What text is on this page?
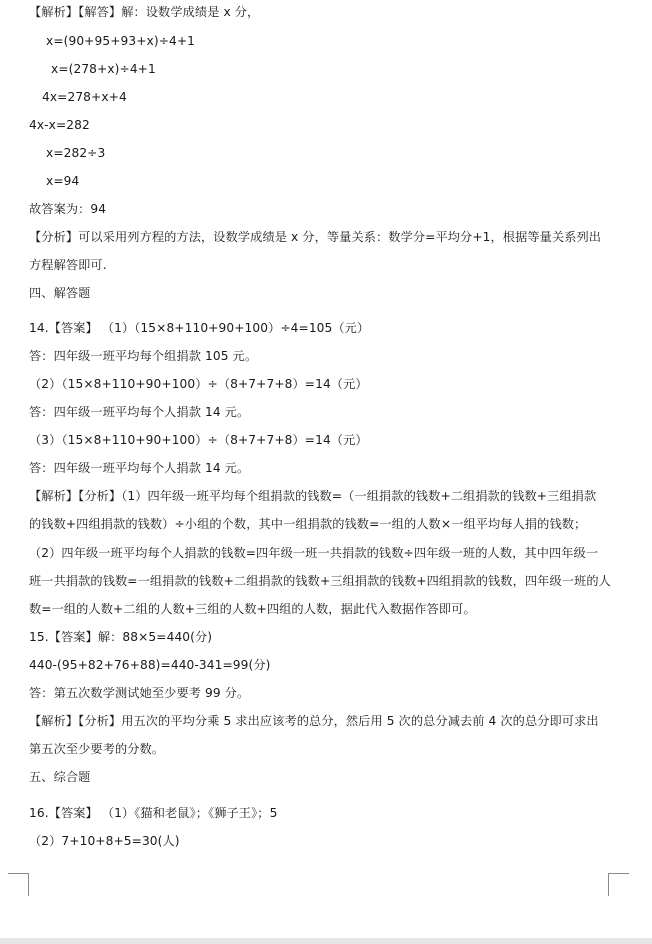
【解析】【解答】解：设数学成绩是 x 分，
x=(90+95+93+x)÷4+1
x=(278+x)÷4+1
4x=278+x+4
4x-x=282
x=282÷3
x=94
故答案为：94
【分析】可以采用列方程的方法，设数学成绩是 x 分，等量关系：数学分=平均分+1，根据等量关系列出
方程解答即可.
四、解答题
14.【答案】 （1）（15×8+110+90+100）÷4=105（元）
答：四年级一班平均每个组捐款 105 元。
（2）（15×8+110+90+100）÷（8+7+7+8）=14（元）
答：四年级一班平均每个人捐款 14 元。
（3）（15×8+110+90+100）÷（8+7+7+8）=14（元）
答：四年级一班平均每个人捐款 14 元。
【解析】【分析】（1）四年级一班平均每个组捐款的钱数=（一组捐款的钱数+二组捐款的钱数+三组捐款
的钱数+四组捐款的钱数）÷小组的个数，其中一组捐款的钱数=一组的人数×一组平均每人捐的钱数；
（2）四年级一班平均每个人捐款的钱数=四年级一班一共捐款的钱数÷四年级一班的人数，其中四年级一
班一共捐款的钱数=一组捐款的钱数+二组捐款的钱数+三组捐款的钱数+四组捐款的钱数，四年级一班的人
数=一组的人数+二组的人数+三组的人数+四组的人数，据此代入数据作答即可。
15.【答案】解：88×5=440(分)
440-(95+82+76+88)=440-341=99(分)
答：第五次数学测试她至少要考 99 分。
【解析】【分析】用五次的平均分乘 5 求出应该考的总分，然后用 5 次的总分减去前 4 次的总分即可求出
第五次至少要考的分数。
五、综合题
16.【答案】 （1）《猫和老鼠》；《狮子王》；5
（2）7+10+8+5=30(人)
